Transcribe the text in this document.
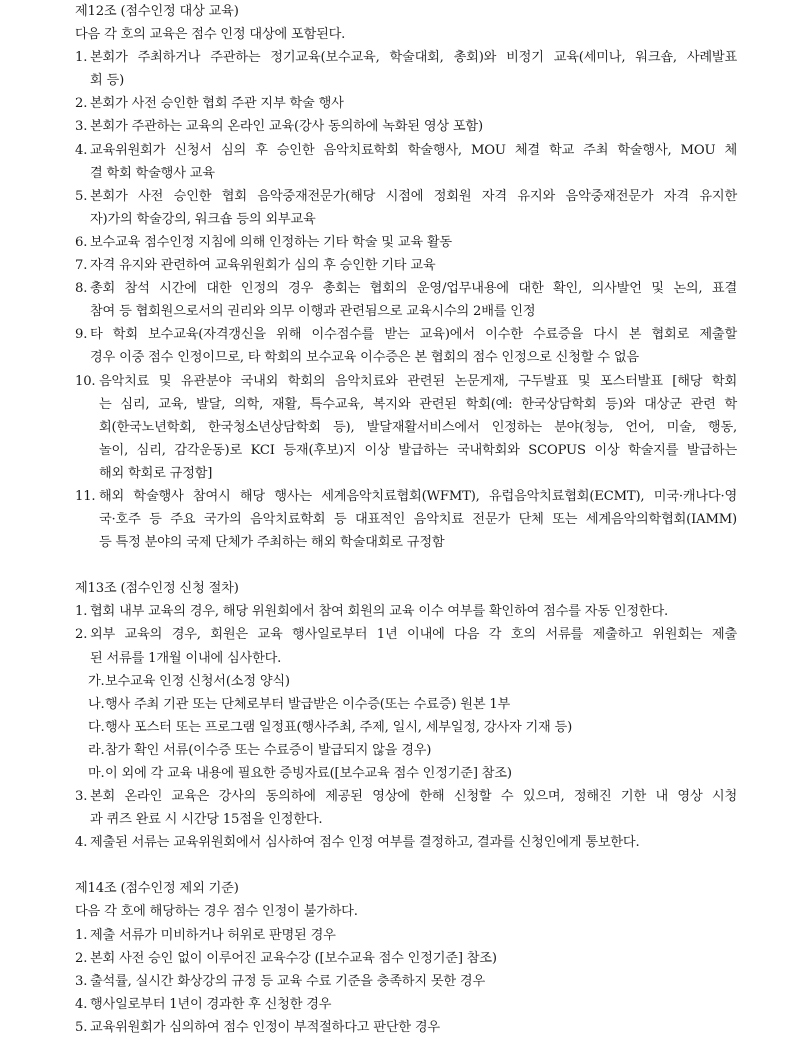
제12조 (점수인정 대상 교육)
다음 각 호의 교육은 점수 인정 대상에 포함된다.
1. 본회가 주최하거나 주관하는 정기교육(보수교육, 학술대회, 총회)와 비정기 교육(세미나, 워크숍, 사례발표
회 등)
2. 본회가 사전 승인한 협회 주관 지부 학술 행사
3. 본회가 주관하는 교육의 온라인 교육(강사 동의하에 녹화된 영상 포함)
4. 교육위원회가 신청서 심의 후 승인한 음악치료학회 학술행사, MOU 체결 학교 주최 학술행사, MOU 체
결 학회 학술행사 교육
5. 본회가 사전 승인한 협회 음악중재전문가(해당 시점에 정회원 자격 유지와 음악중재전문가 자격 유지한
자)가의 학술강의, 워크숍 등의 외부교육
6. 보수교육 점수인정 지침에 의해 인정하는 기타 학술 및 교육 활동
7. 자격 유지와 관련하여 교육위원회가 심의 후 승인한 기타 교육
8. 총회 참석 시간에 대한 인정의 경우 총회는 협회의 운영/업무내용에 대한 확인, 의사발언 및 논의, 표결
참여 등 협회원으로서의 권리와 의무 이행과 관련됨으로 교육시수의 2배를 인정
9. 타 학회 보수교육(자격갱신을 위해 이수점수를 받는 교육)에서 이수한 수료증을 다시 본 협회로 제출할
경우 이중 점수 인정이므로, 타 학회의 보수교육 이수증은 본 협회의 점수 인정으로 신청할 수 없음
10. 음악치료 및 유관분야 국내외 학회의 음악치료와 관련된 논문게재, 구두발표 및 포스터발표 [해당 학회
는 심리, 교육, 발달, 의학, 재활, 특수교육, 복지와 관련된 학회(예: 한국상담학회 등)와 대상군 관련 학
회(한국노년학회, 한국청소년상담학회 등), 발달재활서비스에서 인정하는 분야(청능, 언어, 미술, 행동,
놀이, 심리, 감각운동)로 KCI 등재(후보)지 이상 발급하는 국내학회와 SCOPUS 이상 학술지를 발급하는
해외 학회로 규정함]
11. 해외 학술행사 참여시 해당 행사는 세계음악치료협회(WFMT), 유럽음악치료협회(ECMT), 미국·캐나다·영
국·호주 등 주요 국가의 음악치료학회 등 대표적인 음악치료 전문가 단체 또는 세계음악의학협회(IAMM)
등 특정 분야의 국제 단체가 주최하는 해외 학술대회로 규정함
제13조 (점수인정 신청 절차)
1. 협회 내부 교육의 경우, 해당 위원회에서 참여 회원의 교육 이수 여부를 확인하여 점수를 자동 인정한다.
2. 외부 교육의 경우, 회원은 교육 행사일로부터 1년 이내에 다음 각 호의 서류를 제출하고 위원회는 제출
된 서류를 1개월 이내에 심사한다.
가. 보수교육 인정 신청서(소정 양식)
나. 행사 주최 기관 또는 단체로부터 발급받은 이수증(또는 수료증) 원본 1부
다. 행사 포스터 또는 프로그램 일정표(행사주최, 주제, 일시, 세부일정, 강사자 기재 등)
라. 참가 확인 서류(이수증 또는 수료증이 발급되지 않을 경우)
마. 이 외에 각 교육 내용에 필요한 증빙자료([보수교육 점수 인정기준] 참조)
3. 본회 온라인 교육은 강사의 동의하에 제공된 영상에 한해 신청할 수 있으며, 정해진 기한 내 영상 시청
과 퀴즈 완료 시 시간당 15점을 인정한다.
4. 제출된 서류는 교육위원회에서 심사하여 점수 인정 여부를 결정하고, 결과를 신청인에게 통보한다.
제14조 (점수인정 제외 기준)
다음 각 호에 해당하는 경우 점수 인정이 불가하다.
1. 제출 서류가 미비하거나 허위로 판명된 경우
2. 본회 사전 승인 없이 이루어진 교육수강 ([보수교육 점수 인정기준] 참조)
3. 출석률, 실시간 화상강의 규정 등 교육 수료 기준을 충족하지 못한 경우
4. 행사일로부터 1년이 경과한 후 신청한 경우
5. 교육위원회가 심의하여 점수 인정이 부적절하다고 판단한 경우
